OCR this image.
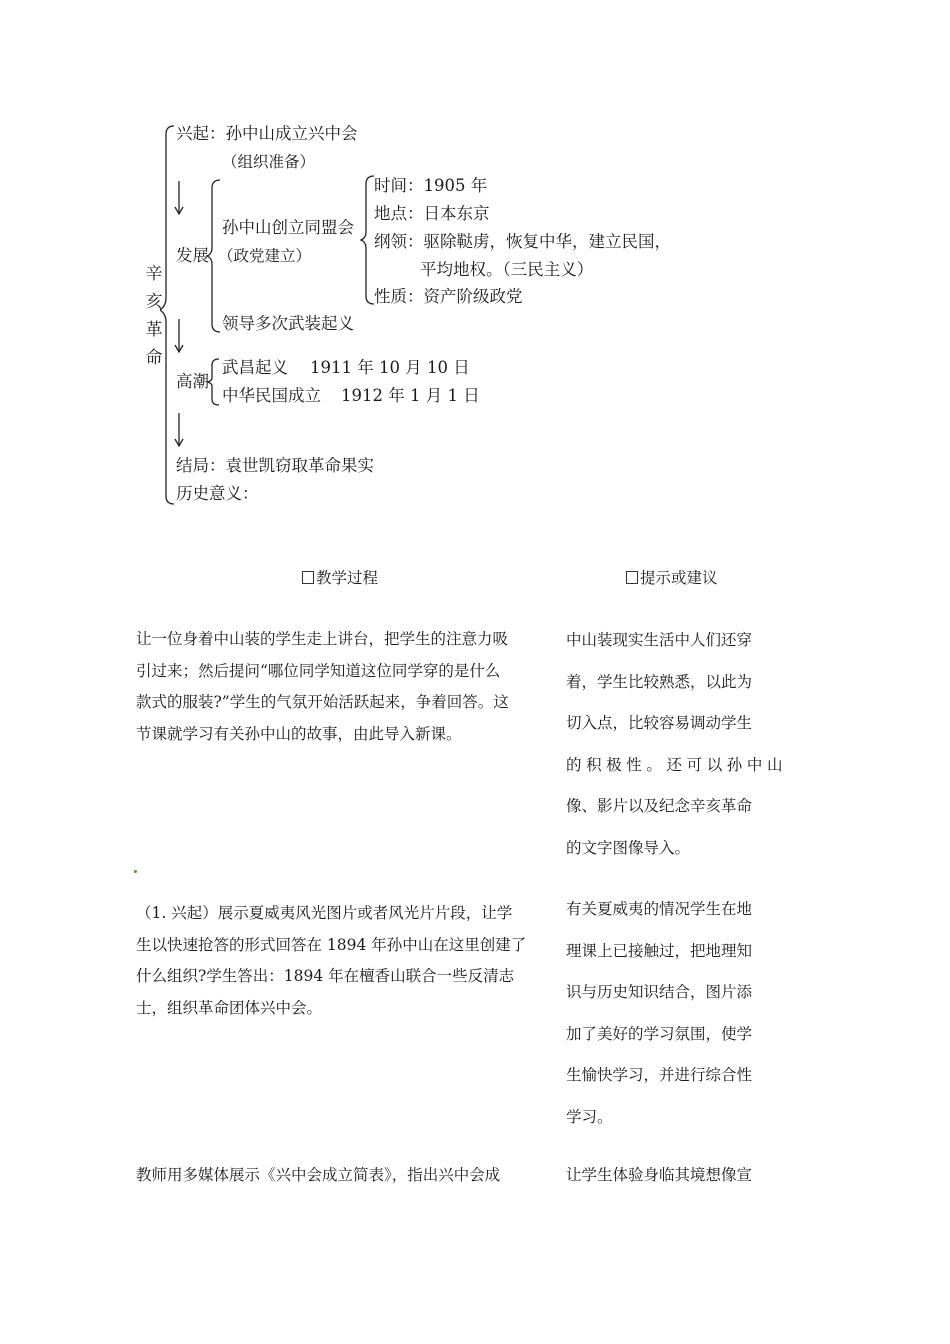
辛
亥
革
命
兴起：孙中山成立兴中会
（组织准备）
发展
孙中山创立同盟会
（政党建立）
领导多次武装起义
时间：1905 年
地点：日本东京
纲领：驱除鞑虏，恢复中华，建立民国，
平均地权。（三民主义）
性质：资产阶级政党
高潮
武昌起义 1911 年 10 月 10 日
中华民国成立 1912 年 1 月 1 日
结局：袁世凯窃取革命果实
历史意义：
教学过程	提示或建议
让一位身着中山装的学生走上讲台，把学生的注意力吸
引过来；然后提问“哪位同学知道这位同学穿的是什么
款式的服装?”学生的气氛开始活跃起来，争着回答。这
节课就学习有关孙中山的故事，由此导入新课。
中山装现实生活中人们还穿
着，学生比较熟悉，以此为
切入点，比较容易调动学生
的积极性。还可以孙中山
像、影片以及纪念辛亥革命
的文字图像导入。
（1. 兴起）展示夏威夷风光图片或者风光片片段，让学
生以快速抢答的形式回答在 1894 年孙中山在这里创建了
什么组织?学生答出：1894 年在檀香山联合一些反清志
士，组织革命团体兴中会。
有关夏威夷的情况学生在地
理课上已接触过，把地理知
识与历史知识结合，图片添
加了美好的学习氛围，使学
生愉快学习，并进行综合性
学习。
教师用多媒体展示《兴中会成立简表》，指出兴中会成	让学生体验身临其境想像宣
